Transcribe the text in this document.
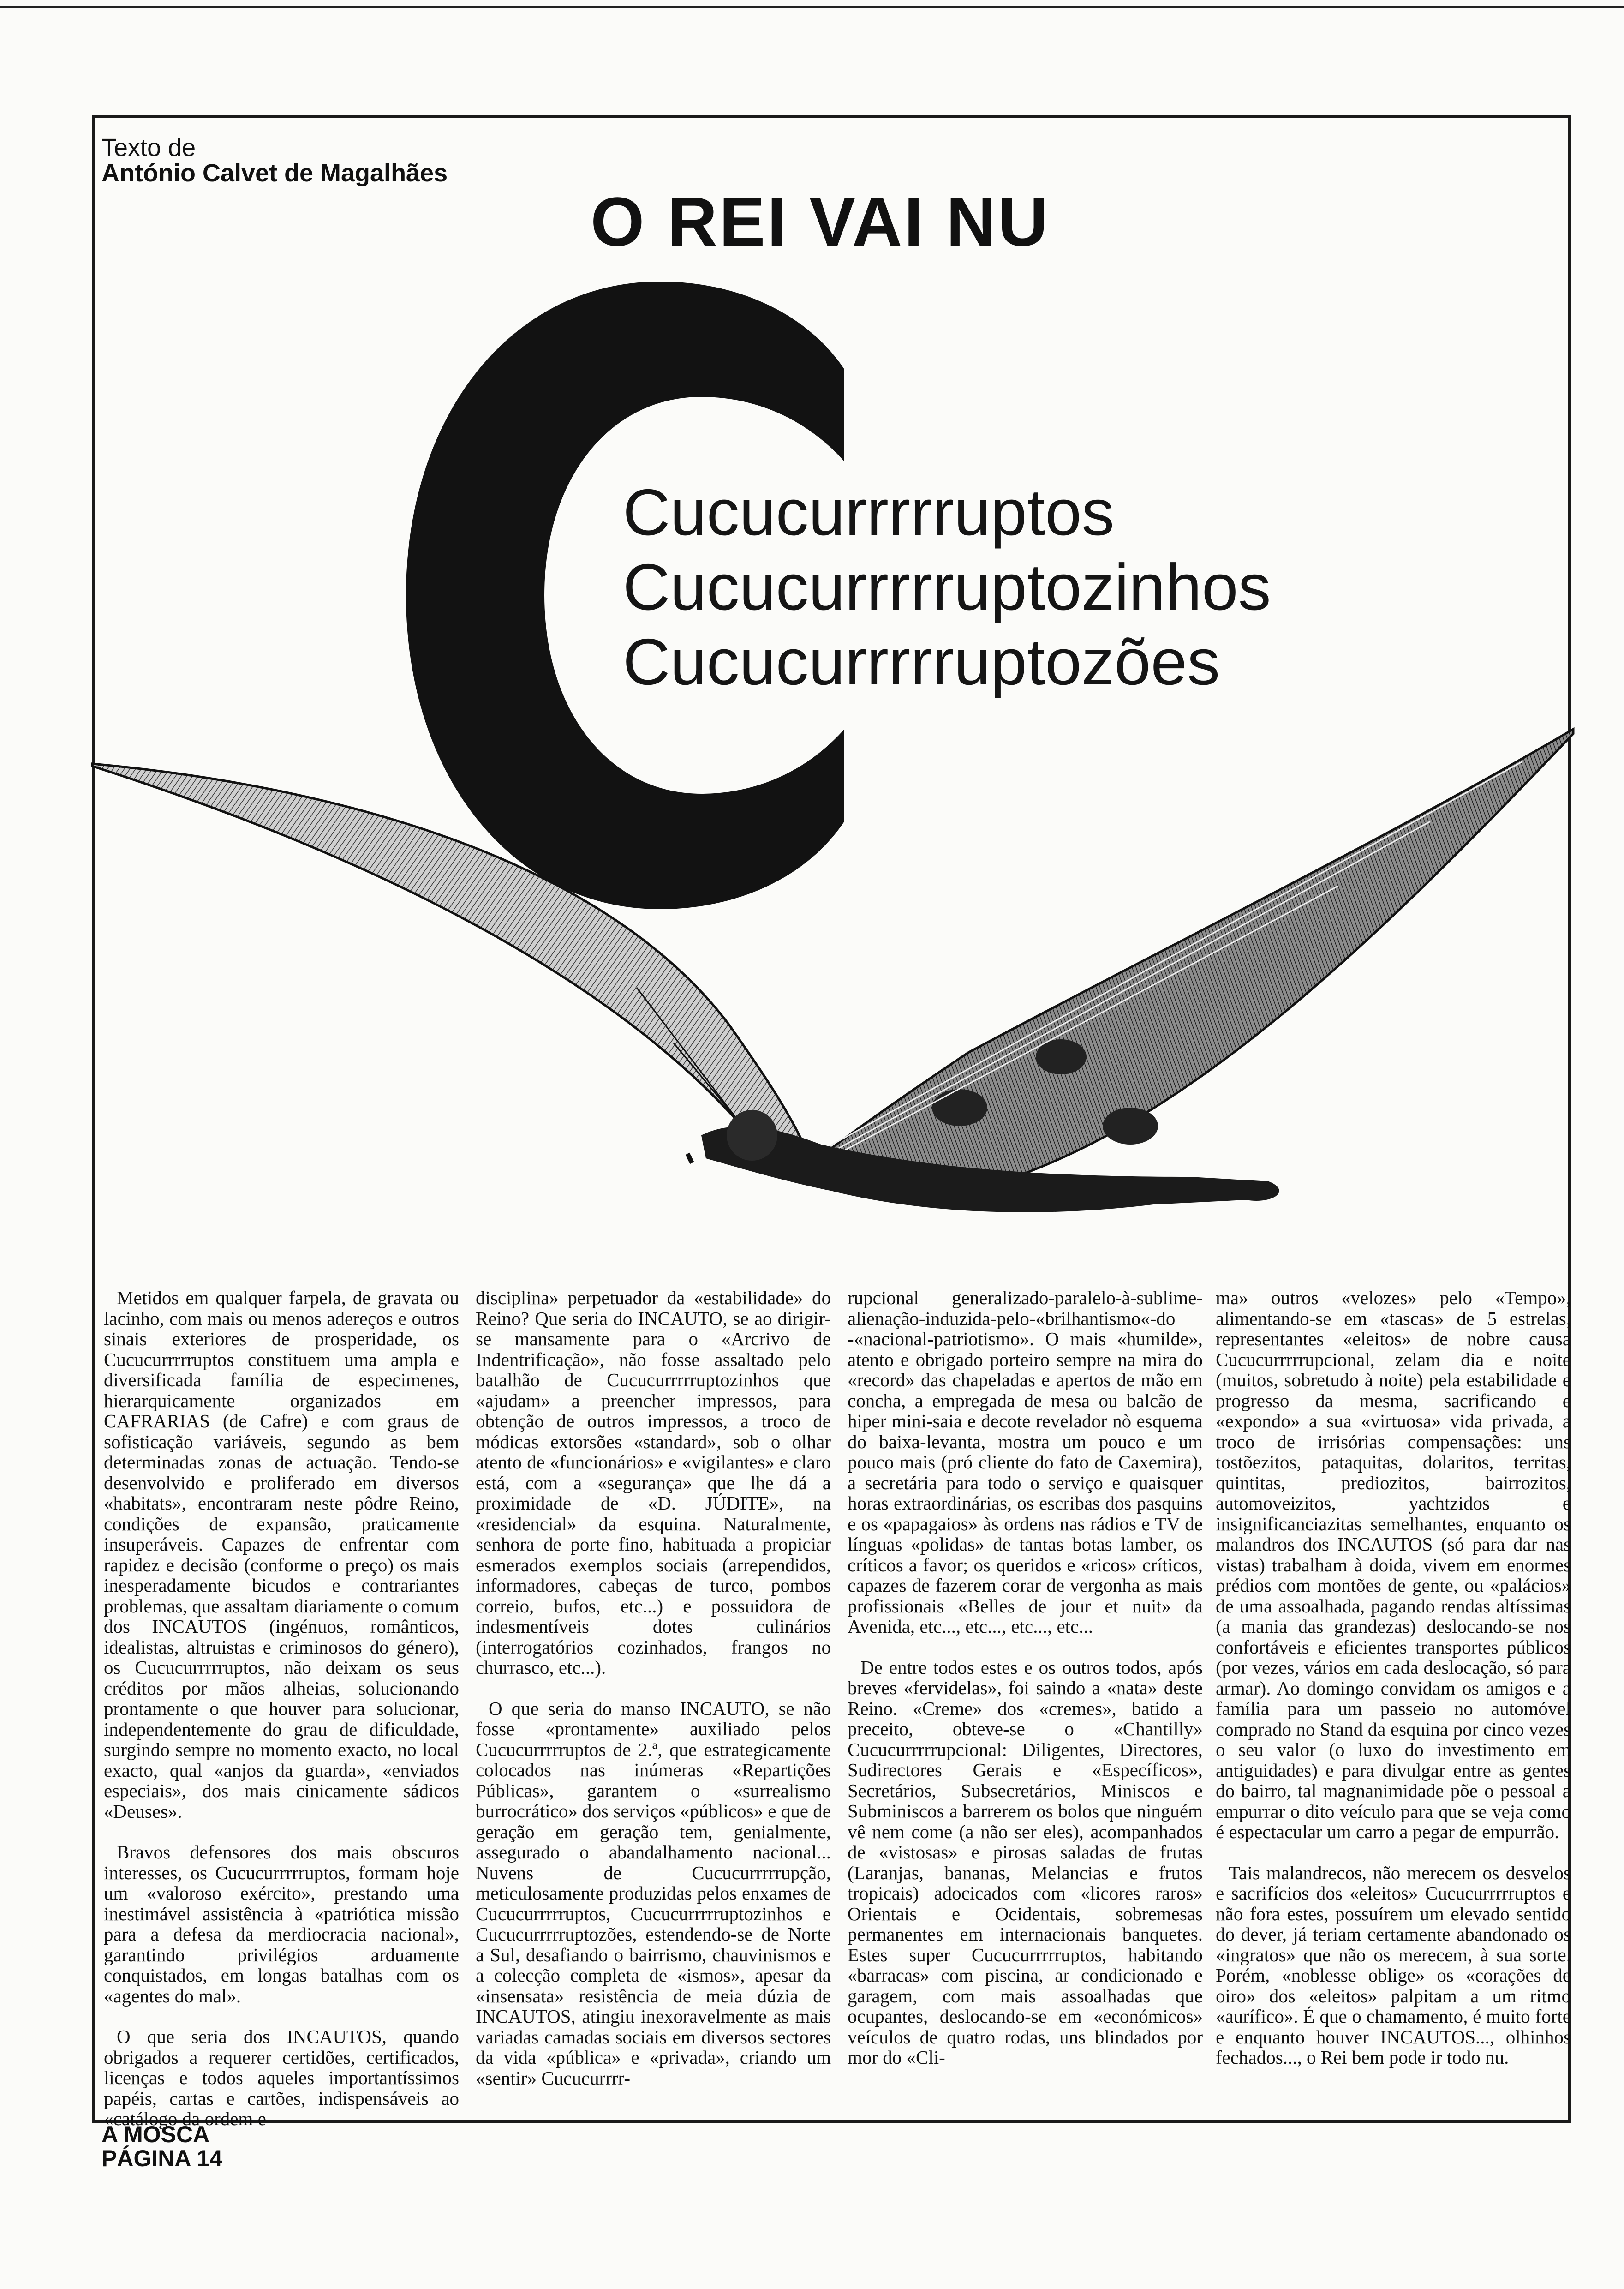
Texto de
António Calvet de Magalhães
O REI VAI NU
Cucucurrrrruptos
Cucucurrrrruptozinhos
Cucucurrrrruptozões

Metidos em qualquer farpela, de gravata ou lacinho, com mais ou menos adereços e outros sinais exteriores de prosperidade, os Cucucurrrrruptos constituem uma ampla e diversificada família de especimenes, hierarquicamente organizados em CAFRARIAS (de Cafre) e com graus de sofisticação variáveis, segundo as bem determinadas zonas de actuação. Tendo-se desenvolvido e proliferado em diversos «habitats», encontraram neste pôdre Reino, condições de expansão, praticamente insuperáveis. Capazes de enfrentar com rapidez e decisão (conforme o preço) os mais inesperadamente bicudos e contrariantes problemas, que assaltam diariamente o comum dos INCAUTOS (ingénuos, românticos, idealistas, altruistas e criminosos do género), os Cucucurrrrruptos, não deixam os seus créditos por mãos alheias, solucionando prontamente o que houver para solucionar, independentemente do grau de dificuldade, surgindo sempre no momento exacto, no local exacto, qual «anjos da guarda», «enviados especiais», dos mais cinicamente sádicos «Deuses».

Bravos defensores dos mais obscuros interesses, os Cucucurrrrruptos, formam hoje um «valoroso exército», prestando uma inestimável assistência à «patriótica missão para a defesa da merdiocracia nacional», garantindo privilégios arduamente conquistados, em longas batalhas com os «agentes do mal».

O que seria dos INCAUTOS, quando obrigados a requerer certidões, certificados, licenças e todos aqueles importantíssimos papéis, cartas e cartões, indispensáveis ao «catálogo da ordem e

disciplina» perpetuador da «estabilidade» do Reino? Que seria do INCAUTO, se ao dirigir-se mansamente para o «Arcrivo de Indentrificação», não fosse assaltado pelo batalhão de Cucucurrrrruptozinhos que «ajudam» a preencher impressos, para obtenção de outros impressos, a troco de módicas extorsões «standard», sob o olhar atento de «funcionários» e «vigilantes» e claro está, com a «segurança» que lhe dá a proximidade de «D. JÚDITE», na «residencial» da esquina. Naturalmente, senhora de porte fino, habituada a propiciar esmerados exemplos sociais (arrependidos, informadores, cabeças de turco, pombos correio, bufos, etc...) e possuidora de indesmentíveis dotes culinários (interrogatórios cozinhados, frangos no churrasco, etc...).

O que seria do manso INCAUTO, se não fosse «prontamente» auxiliado pelos Cucucurrrrruptos de 2.ª, que estrategicamente colocados nas inúmeras «Repartições Públicas», garantem o «surrealismo burrocrático» dos serviços «públicos» e que de geração em geração tem, genialmente, assegurado o abandalhamento nacional... Nuvens de Cucucurrrrrupção, meticulosamente produzidas pelos enxames de Cucucurrrrruptos, Cucucurrrrruptozinhos e Cucucurrrrruptozões, estendendo-se de Norte a Sul, desafiando o bairrismo, chauvinismos e a colecção completa de «ismos», apesar da «insensata» resistência de meia dúzia de INCAUTOS, atingiu inexoravelmente as mais variadas camadas sociais em diversos sectores da vida «pública» e «privada», criando um «sentir» Cucucurrrr-

rupcional generalizado-paralelo-à-sublime-alienação-induzida-pelo-«brilhantismo«-do -«nacional-patriotismo». O mais «humilde», atento e obrigado porteiro sempre na mira do «record» das chapeladas e apertos de mão em concha, a empregada de mesa ou balcão de hiper mini-saia e decote revelador nò esquema do baixa-levanta, mostra um pouco e um pouco mais (pró cliente do fato de Caxemira), a secretária para todo o serviço e quaisquer horas extraordinárias, os escribas dos pasquins e os «papagaios» às ordens nas rádios e TV de línguas «polidas» de tantas botas lamber, os críticos a favor; os queridos e «ricos» críticos, capazes de fazerem corar de vergonha as mais profissionais «Belles de jour et nuit» da Avenida, etc..., etc..., etc..., etc...

De entre todos estes e os outros todos, após breves «fervidelas», foi saindo a «nata» deste Reino. «Creme» dos «cremes», batido a preceito, obteve-se o «Chantilly» Cucucurrrrrupcional: Diligentes, Directores, Sudirectores Gerais e «Específicos», Secretários, Subsecretários, Miniscos e Subminiscos a barrerem os bolos que ninguém vê nem come (a não ser eles), acompanhados de «vistosas» e pirosas saladas de frutas (Laranjas, bananas, Melancias e frutos tropicais) adocicados com «licores raros» Orientais e Ocidentais, sobremesas permanentes em internacionais banquetes. Estes super Cucucurrrrruptos, habitando «barracas» com piscina, ar condicionado e garagem, com mais assoalhadas que ocupantes, deslocando-se em «económicos» veículos de quatro rodas, uns blindados por mor do «Cli-

ma» outros «velozes» pelo «Tempo», alimentando-se em «tascas» de 5 estrelas, representantes «eleitos» de nobre causa Cucucurrrrrupcional, zelam dia e noite (muitos, sobretudo à noite) pela estabilidade e progresso da mesma, sacrificando e «expondo» a sua «virtuosa» vida privada, a troco de irrisórias compensações: uns tostõezitos, pataquitas, dolaritos, territas, quintitas, prediozitos, bairrozitos, automoveizitos, yachtzidos e insignificanciazitas semelhantes, enquanto os malandros dos INCAUTOS (só para dar nas vistas) trabalham à doida, vivem em enormes prédios com montões de gente, ou «palácios» de uma assoalhada, pagando rendas altíssimas (a mania das grandezas) deslocando-se nos confortáveis e eficientes transportes públicos (por vezes, vários em cada deslocação, só para armar). Ao domingo convidam os amigos e a família para um passeio no automóvel comprado no Stand da esquina por cinco vezes o seu valor (o luxo do investimento em antiguidades) e para divulgar entre as gentes do bairro, tal magnanimidade põe o pessoal a empurrar o dito veículo para que se veja como é espectacular um carro a pegar de empurrão.

Tais malandrecos, não merecem os desvelos e sacrifícios dos «eleitos» Cucucurrrrruptos e não fora estes, possuírem um elevado sentido do dever, já teriam certamente abandonado os «ingratos» que não os merecem, à sua sorte. Porém, «noblesse oblige» os «corações de oiro» dos «eleitos» palpitam a um ritmo «aurífico». É que o chamamento, é muito forte e enquanto houver INCAUTOS..., olhinhos fechados..., o Rei bem pode ir todo nu.

A MOSCA
PÁGINA 14
